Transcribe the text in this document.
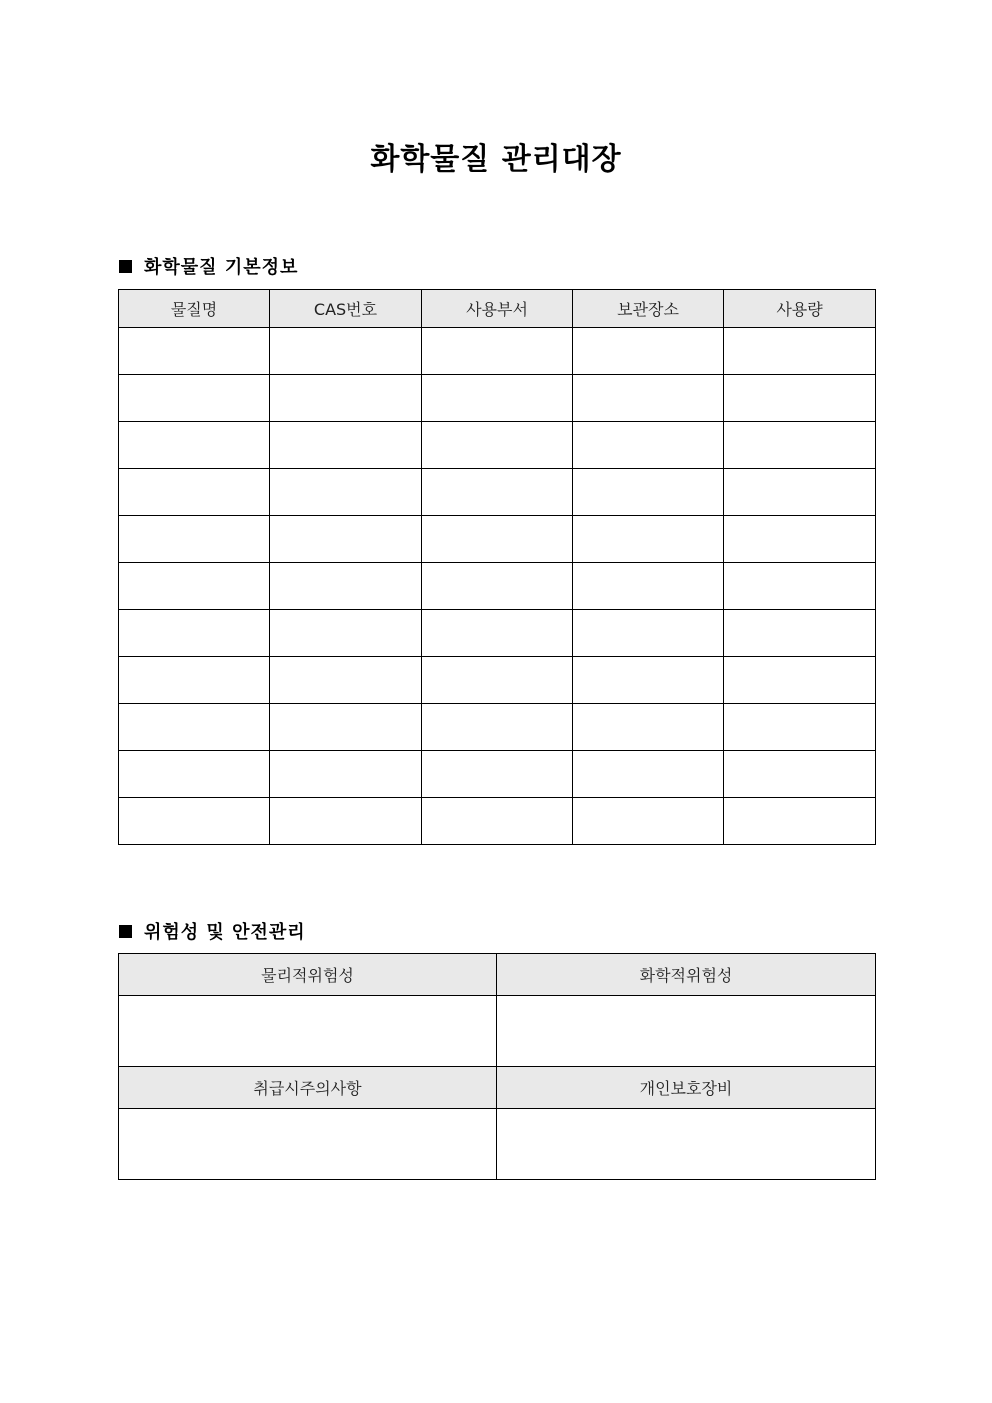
화학물질 관리대장
화학물질 기본정보
물질명	CAS번호	사용부서	보관장소	사용량

위험성 및 안전관리
물리적위험성	화학적위험성

취급시주의사항	개인보호장비
